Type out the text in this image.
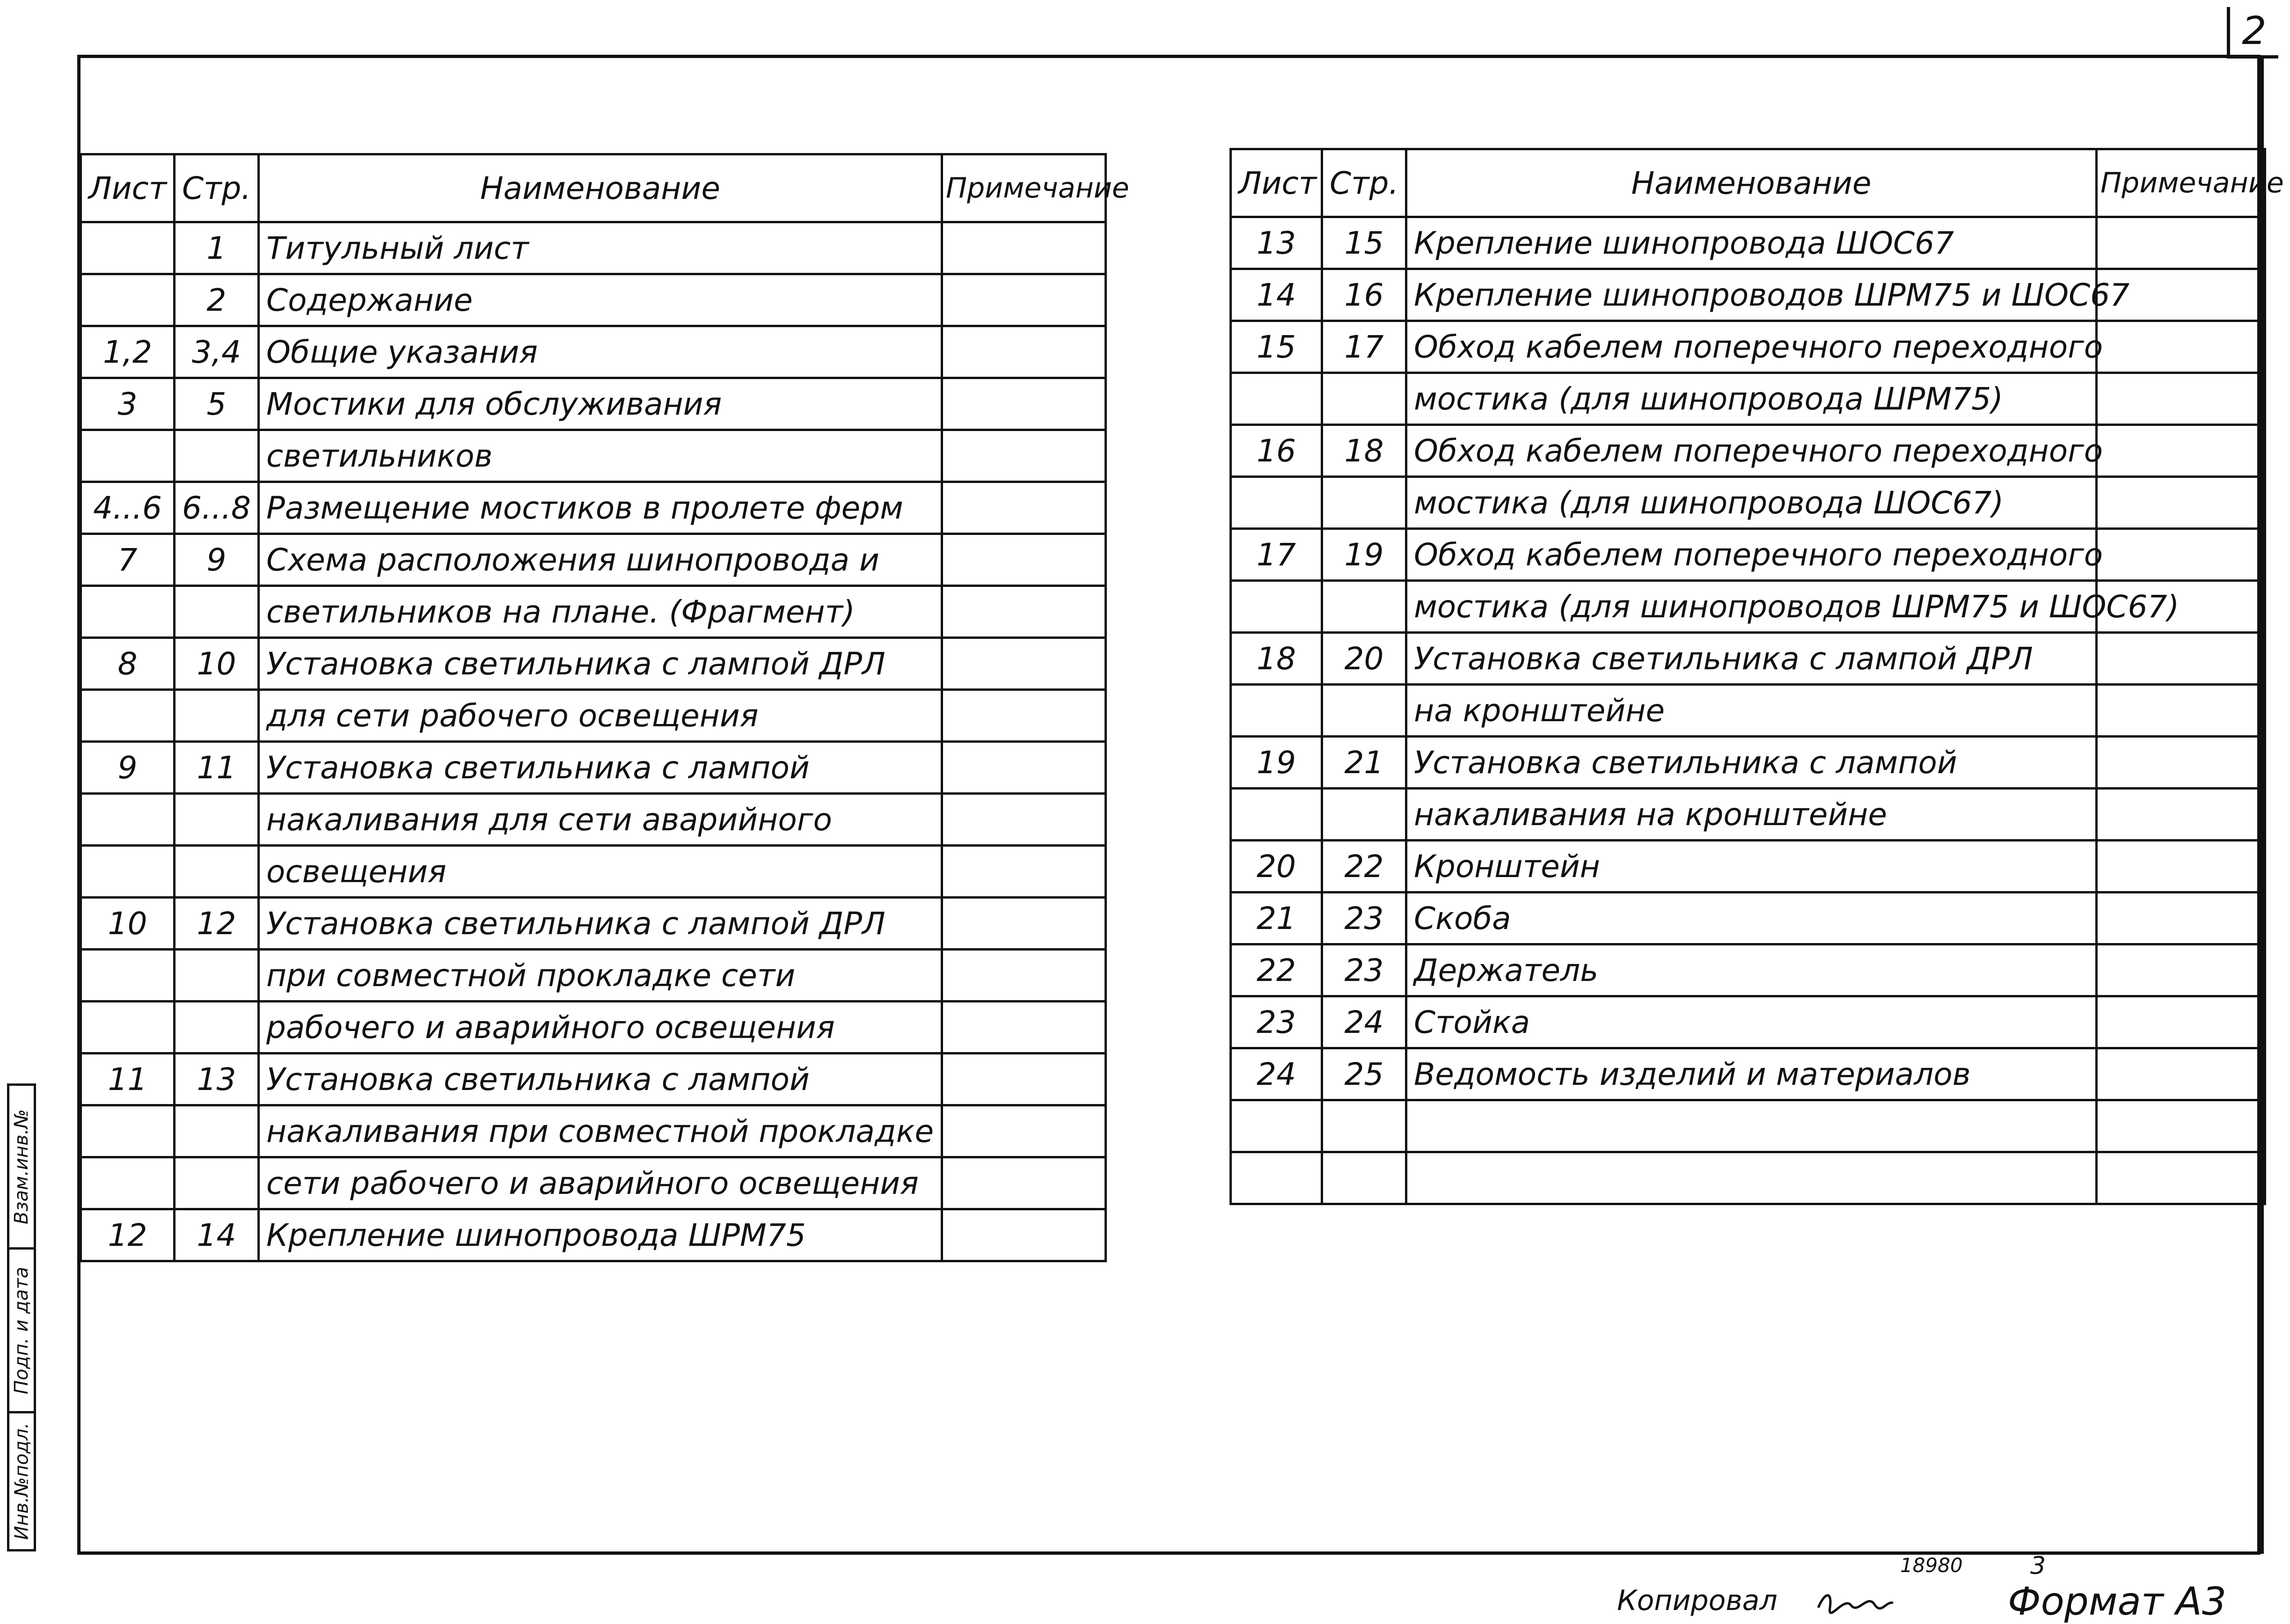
2
Лист	Стр.	Наименование	Примечание
	1	Титульный лист	
	2	Содержание	
1,2	3,4	Общие указания	
3	5	Мостики для обслуживания	
		светильников	
4...6	6...8	Размещение мостиков в пролете ферм	
7	9	Схема расположения шинопровода и	
		светильников на плане. (Фрагмент)	
8	10	Установка светильника с лампой ДРЛ	
		для сети рабочего освещения	
9	11	Установка светильника с лампой	
		накаливания для сети аварийного	
		освещения	
10	12	Установка светильника с лампой ДРЛ	
		при совместной прокладке сети	
		рабочего и аварийного освещения	
11	13	Установка светильника с лампой	
		накаливания при совместной прокладке	
		сети рабочего и аварийного освещения	
12	14	Крепление шинопровода ШРМ75	
Лист	Стр.	Наименование	Примечание
13	15	Крепление шинопровода ШОС67	
14	16	Крепление шинопроводов ШРМ75 и ШОС67	
15	17	Обход кабелем поперечного переходного	
		мостика (для шинопровода ШРМ75)	
16	18	Обход кабелем поперечного переходного	
		мостика (для шинопровода ШОС67)	
17	19	Обход кабелем поперечного переходного	
		мостика (для шинопроводов ШРМ75 и ШОС67)	
18	20	Установка светильника с лампой ДРЛ	
		на кронштейне	
19	21	Установка светильника с лампой	
		накаливания на кронштейне	
20	22	Кронштейн	
21	23	Скоба	
22	23	Держатель	
23	24	Стойка	
24	25	Ведомость изделий и материалов	

Взам.инв.№
Подп. и дата
Инв.№подл.
Копировал
18980	3
Формат А3
